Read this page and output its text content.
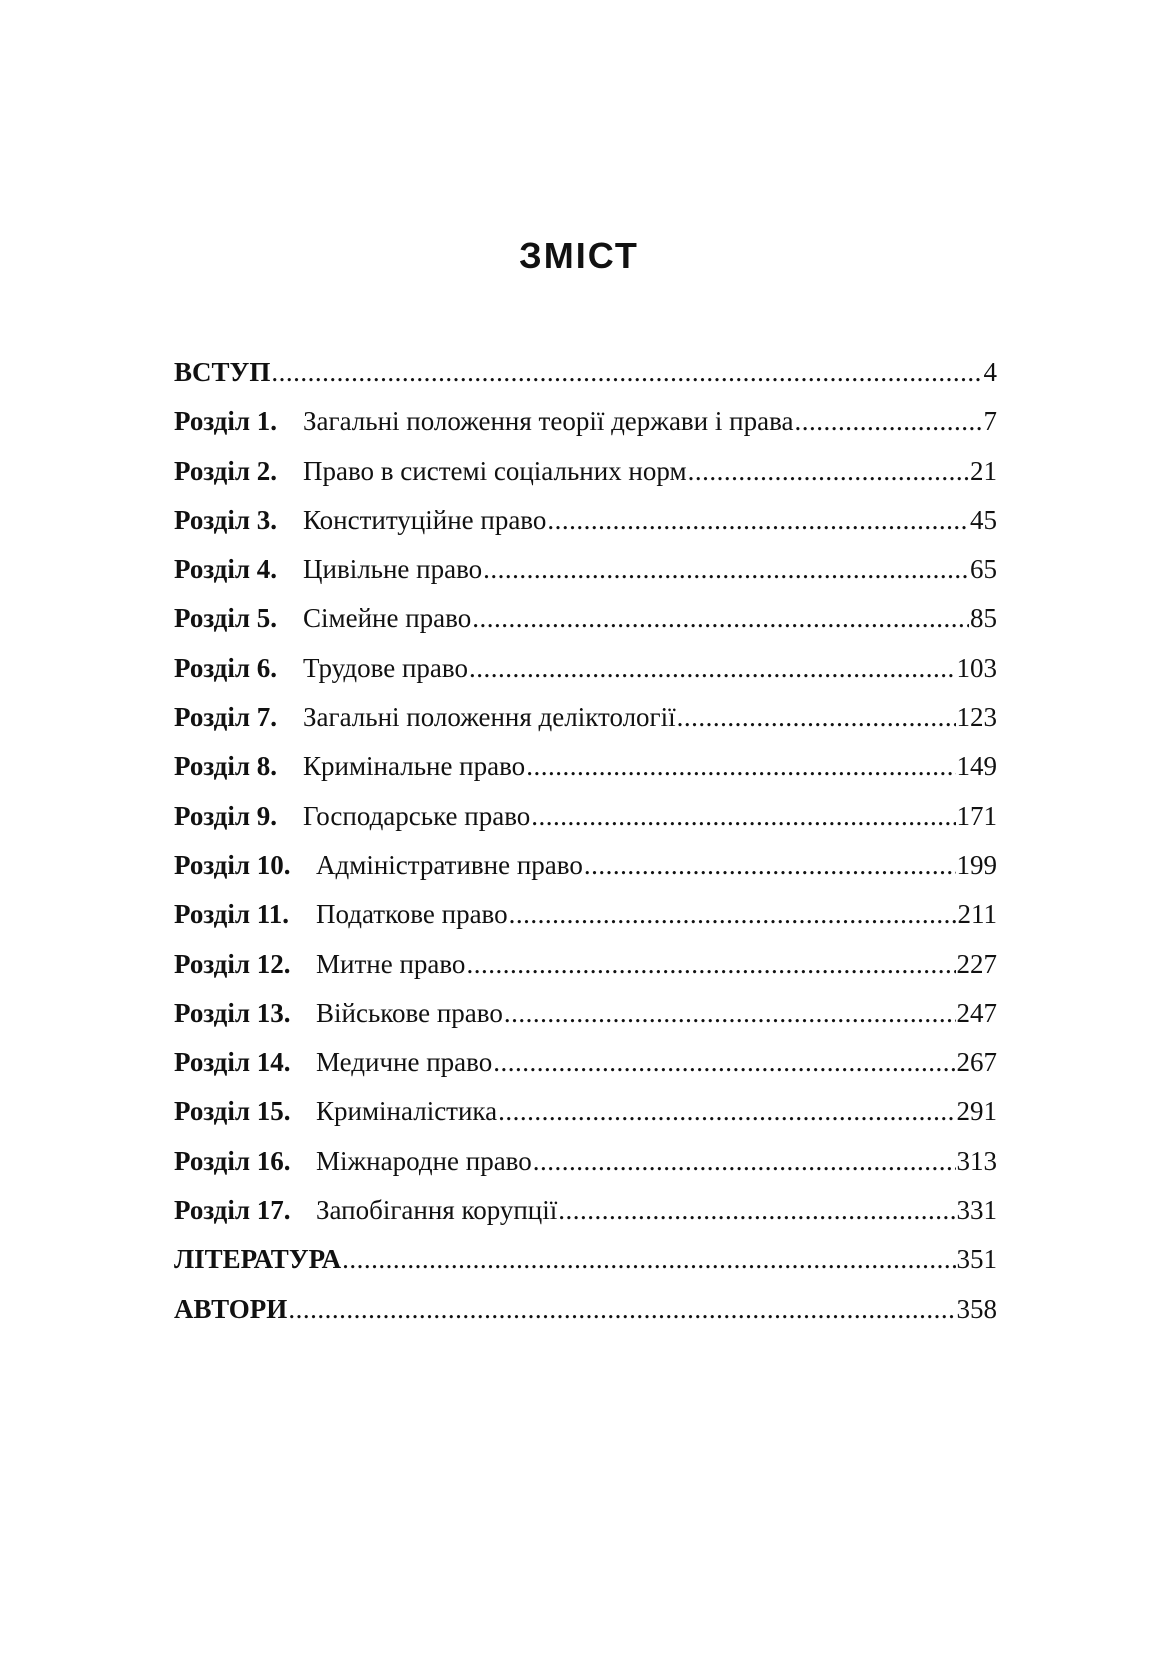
ЗМІСТ
ВСТУП .....	4
Розділ 1. Загальні положення теорії держави і права .....	7
Розділ 2. Право в системі соціальних норм .....	21
Розділ 3. Конституційне право .....	45
Розділ 4. Цивільне право .....	65
Розділ 5. Сімейне право .....	85
Розділ 6. Трудове право .....	103
Розділ 7. Загальні положення деліктології .....	123
Розділ 8. Кримінальне право .....	149
Розділ 9. Господарське право .....	171
Розділ 10. Адміністративне право .....	199
Розділ 11. Податкове право .....	211
Розділ 12. Митне право .....	227
Розділ 13. Військове право .....	247
Розділ 14. Медичне право .....	267
Розділ 15. Криміналістика .....	291
Розділ 16. Міжнародне право .....	313
Розділ 17. Запобігання корупції .....	331
ЛІТЕРАТУРА .....	351
АВТОРИ .....	358
